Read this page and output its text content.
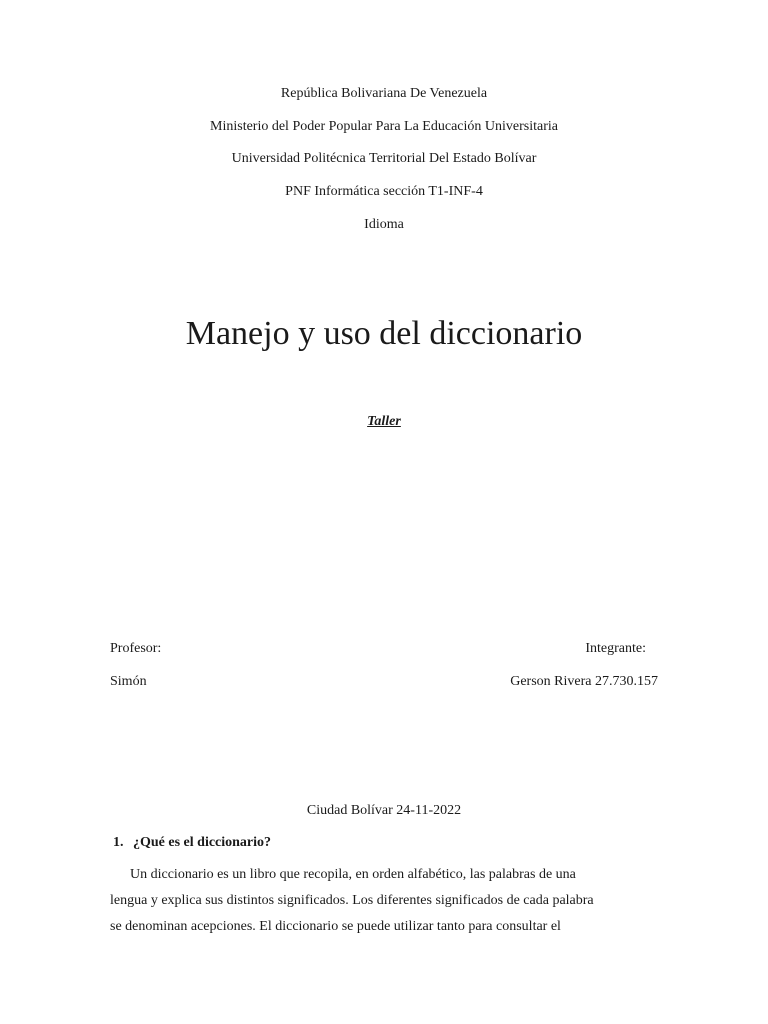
República Bolivariana De Venezuela
Ministerio del Poder Popular Para La Educación Universitaria
Universidad Politécnica Territorial Del Estado Bolívar
PNF Informática sección T1-INF-4
Idioma
Manejo y uso del diccionario
Taller
Profesor:
Simón
Integrante:
Gerson Rivera 27.730.157
Ciudad Bolívar 24-11-2022
1. ¿Qué es el diccionario?
Un diccionario es un libro que recopila, en orden alfabético, las palabras de una
lengua y explica sus distintos significados. Los diferentes significados de cada palabra
se denominan acepciones. El diccionario se puede utilizar tanto para consultar el
